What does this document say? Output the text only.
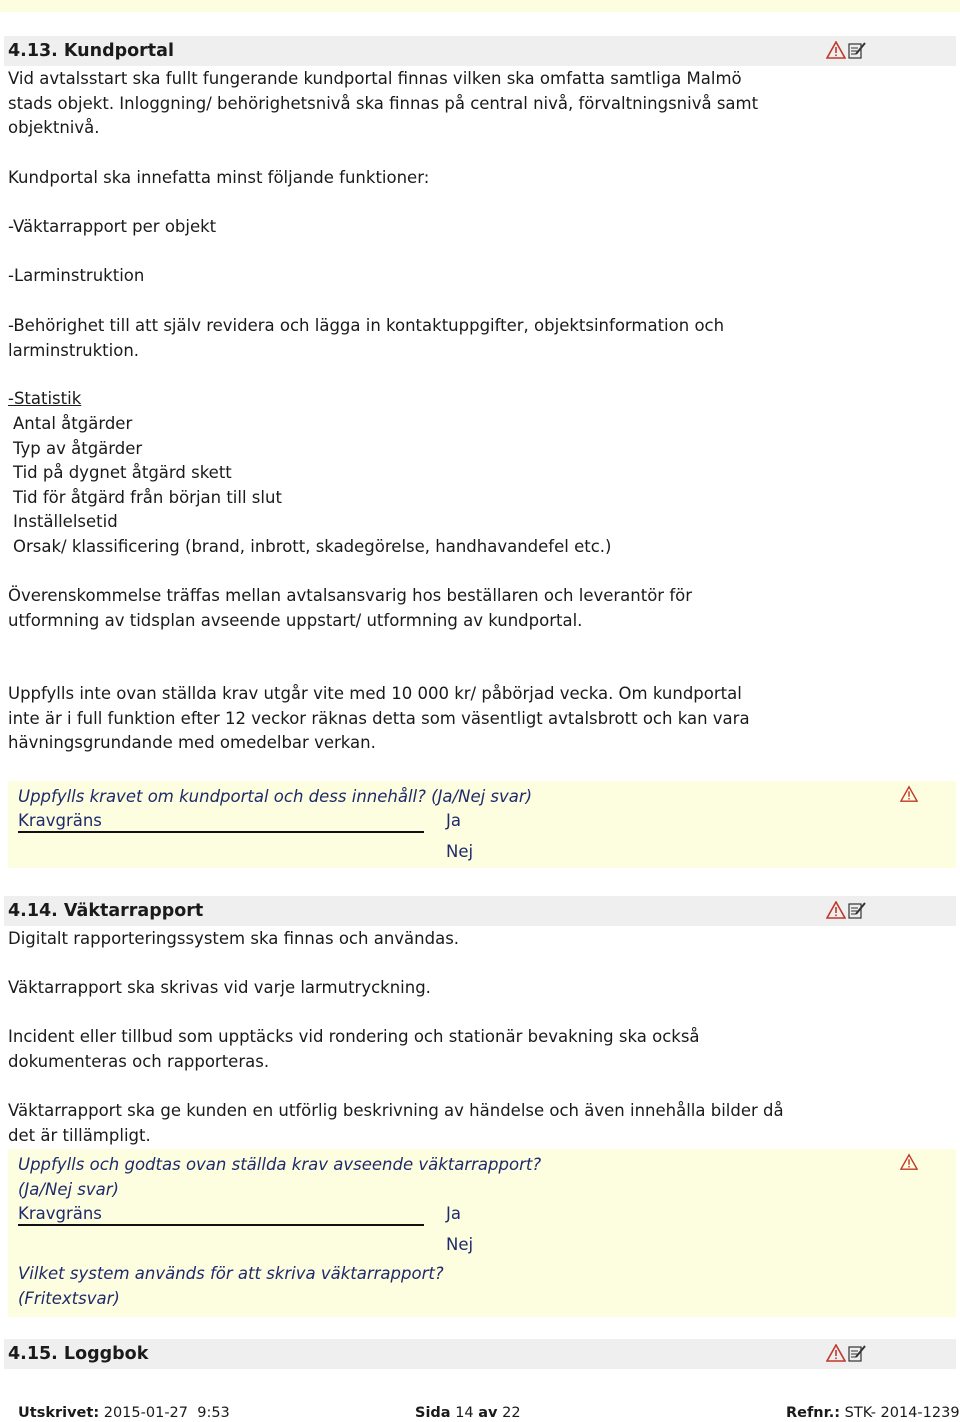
4.13. Kundportal

Vid avtalsstart ska fullt fungerande kundportal finnas vilken ska omfatta samtliga Malmö
stads objekt. Inloggning/ behörighetsnivå ska finnas på central nivå, förvaltningsnivå samt
objektnivå.

Kundportal ska innefatta minst följande funktioner:

-Väktarrapport per objekt

-Larminstruktion

-Behörighet till att själv revidera och lägga in kontaktuppgifter, objektsinformation och
larminstruktion.

-Statistik

Antal åtgärder
Typ av åtgärder
Tid på dygnet åtgärd skett
Tid för åtgärd från början till slut
Inställelsetid
Orsak/ klassificering (brand, inbrott, skadegörelse, handhavandefel etc.)

Överenskommelse träffas mellan avtalsansvarig hos beställaren och leverantör för
utformning av tidsplan avseende uppstart/ utformning av kundportal.

Uppfylls inte ovan ställda krav utgår vite med 10 000 kr/ påbörjad vecka. Om kundportal
inte är i full funktion efter 12 veckor räknas detta som väsentligt avtalsbrott och kan vara
hävningsgrundande med omedelbar verkan.

Uppfylls kravet om kundportal och dess innehåll? (Ja/Nej svar)
Kravgräns	Ja
Nej
4.14. Väktarrapport

Digitalt rapporteringssystem ska finnas och användas.

Väktarrapport ska skrivas vid varje larmutryckning.

Incident eller tillbud som upptäcks vid rondering och stationär bevakning ska också
dokumenteras och rapporteras.

Väktarrapport ska ge kunden en utförlig beskrivning av händelse och även innehålla bilder då
det är tillämpligt.

Uppfylls och godtas ovan ställda krav avseende väktarrapport?
(Ja/Nej svar)
Kravgräns	Ja
Nej
Vilket system används för att skriva väktarrapport?
(Fritextsvar)
4.15. Loggbok
Utskrivet: 2015-01-27  9:53	Sida 14 av 22	Refnr.: STK- 2014-1239
